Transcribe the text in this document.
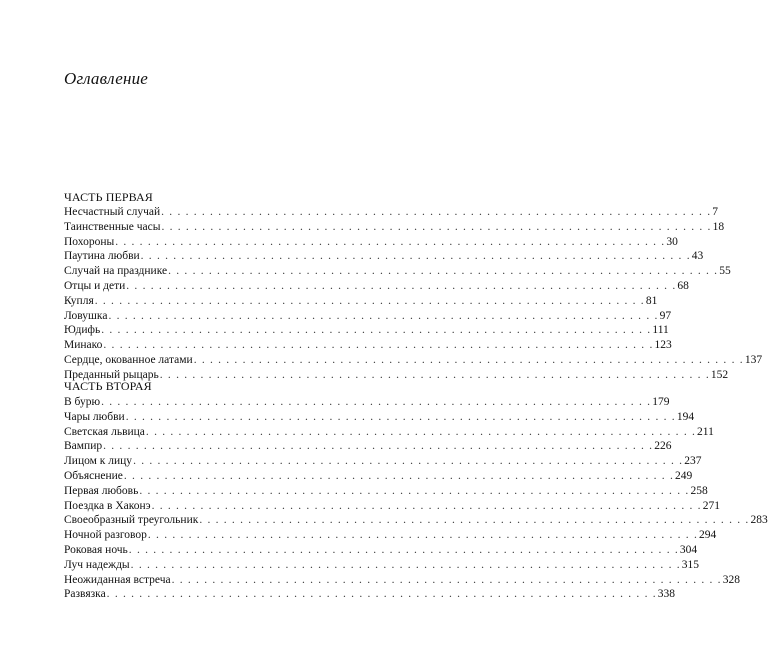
Оглавление
ЧАСТЬ ПЕРВАЯ
Несчастный случай . . . . . . . . . . . . . . . . . . . . . . . . . . . . . . . . . . . . . . . . . . . . . . . . . . . . . . . . . . . . . . . . . . . . 7
Таинственные часы . . . . . . . . . . . . . . . . . . . . . . . . . . . . . . . . . . . . . . . . . . . . . . . . . . . . . . . . . . . . . . . . . . . . 18
Похороны . . . . . . . . . . . . . . . . . . . . . . . . . . . . . . . . . . . . . . . . . . . . . . . . . . . . . . . . . . . . . . . . . . . . 30
Паутина любви . . . . . . . . . . . . . . . . . . . . . . . . . . . . . . . . . . . . . . . . . . . . . . . . . . . . . . . . . . . . . . . . . . . . 43
Случай на празднике . . . . . . . . . . . . . . . . . . . . . . . . . . . . . . . . . . . . . . . . . . . . . . . . . . . . . . . . . . . . . . . . . . . . 55
Отцы и дети . . . . . . . . . . . . . . . . . . . . . . . . . . . . . . . . . . . . . . . . . . . . . . . . . . . . . . . . . . . . . . . . . . . . 68
Купля . . . . . . . . . . . . . . . . . . . . . . . . . . . . . . . . . . . . . . . . . . . . . . . . . . . . . . . . . . . . . . . . . . . . 81
Ловушка . . . . . . . . . . . . . . . . . . . . . . . . . . . . . . . . . . . . . . . . . . . . . . . . . . . . . . . . . . . . . . . . . . . . 97
Юдифь . . . . . . . . . . . . . . . . . . . . . . . . . . . . . . . . . . . . . . . . . . . . . . . . . . . . . . . . . . . . . . . . . . . . 111
Минако . . . . . . . . . . . . . . . . . . . . . . . . . . . . . . . . . . . . . . . . . . . . . . . . . . . . . . . . . . . . . . . . . . . . 123
Сердце, окованное латами . . . . . . . . . . . . . . . . . . . . . . . . . . . . . . . . . . . . . . . . . . . . . . . . . . . . . . . . . . . . . . . . . . . . 137
Преданный рыцарь . . . . . . . . . . . . . . . . . . . . . . . . . . . . . . . . . . . . . . . . . . . . . . . . . . . . . . . . . . . . . . . . . . . . 152
ЧАСТЬ ВТОРАЯ
В бурю . . . . . . . . . . . . . . . . . . . . . . . . . . . . . . . . . . . . . . . . . . . . . . . . . . . . . . . . . . . . . . . . . . . . 179
Чары любви . . . . . . . . . . . . . . . . . . . . . . . . . . . . . . . . . . . . . . . . . . . . . . . . . . . . . . . . . . . . . . . . . . . . 194
Светская львица . . . . . . . . . . . . . . . . . . . . . . . . . . . . . . . . . . . . . . . . . . . . . . . . . . . . . . . . . . . . . . . . . . . . 211
Вампир . . . . . . . . . . . . . . . . . . . . . . . . . . . . . . . . . . . . . . . . . . . . . . . . . . . . . . . . . . . . . . . . . . . . 226
Лицом к лицу . . . . . . . . . . . . . . . . . . . . . . . . . . . . . . . . . . . . . . . . . . . . . . . . . . . . . . . . . . . . . . . . . . . . 237
Объяснение . . . . . . . . . . . . . . . . . . . . . . . . . . . . . . . . . . . . . . . . . . . . . . . . . . . . . . . . . . . . . . . . . . . . 249
Первая любовь . . . . . . . . . . . . . . . . . . . . . . . . . . . . . . . . . . . . . . . . . . . . . . . . . . . . . . . . . . . . . . . . . . . . 258
Поездка в Хаконэ . . . . . . . . . . . . . . . . . . . . . . . . . . . . . . . . . . . . . . . . . . . . . . . . . . . . . . . . . . . . . . . . . . . . 271
Своеобразный треугольник . . . . . . . . . . . . . . . . . . . . . . . . . . . . . . . . . . . . . . . . . . . . . . . . . . . . . . . . . . . . . . . . . . . . 283
Ночной разговор . . . . . . . . . . . . . . . . . . . . . . . . . . . . . . . . . . . . . . . . . . . . . . . . . . . . . . . . . . . . . . . . . . . . 294
Роковая ночь . . . . . . . . . . . . . . . . . . . . . . . . . . . . . . . . . . . . . . . . . . . . . . . . . . . . . . . . . . . . . . . . . . . . 304
Луч надежды . . . . . . . . . . . . . . . . . . . . . . . . . . . . . . . . . . . . . . . . . . . . . . . . . . . . . . . . . . . . . . . . . . . . 315
Неожиданная встреча . . . . . . . . . . . . . . . . . . . . . . . . . . . . . . . . . . . . . . . . . . . . . . . . . . . . . . . . . . . . . . . . . . . . 328
Развязка . . . . . . . . . . . . . . . . . . . . . . . . . . . . . . . . . . . . . . . . . . . . . . . . . . . . . . . . . . . . . . . . . . . . 338
